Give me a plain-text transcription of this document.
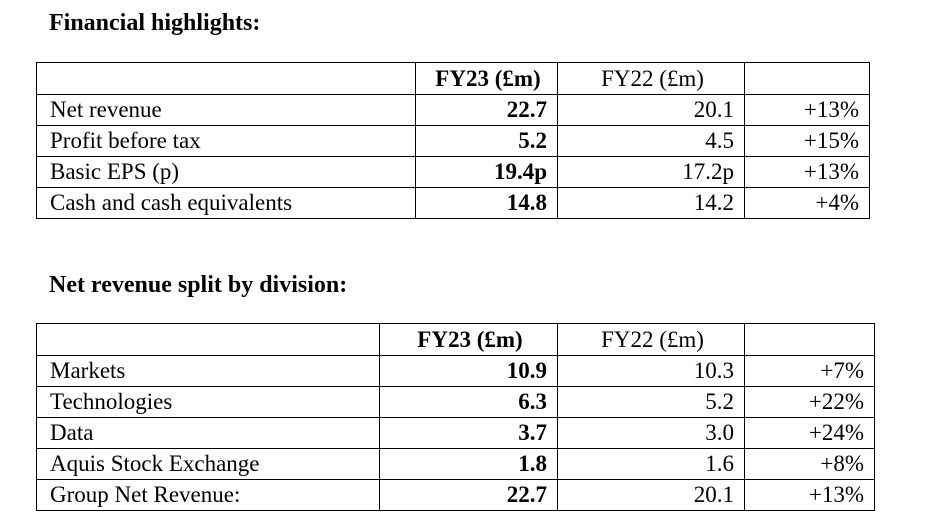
Financial highlights:
	FY23 (£m)	FY22 (£m)	
Net revenue	22.7	20.1	+13%
Profit before tax	5.2	4.5	+15%
Basic EPS (p)	19.4p	17.2p	+13%
Cash and cash equivalents	14.8	14.2	+4%
Net revenue split by division:
	FY23 (£m)	FY22 (£m)	
Markets	10.9	10.3	+7%
Technologies	6.3	5.2	+22%
Data	3.7	3.0	+24%
Aquis Stock Exchange	1.8	1.6	+8%
Group Net Revenue:	22.7	20.1	+13%
